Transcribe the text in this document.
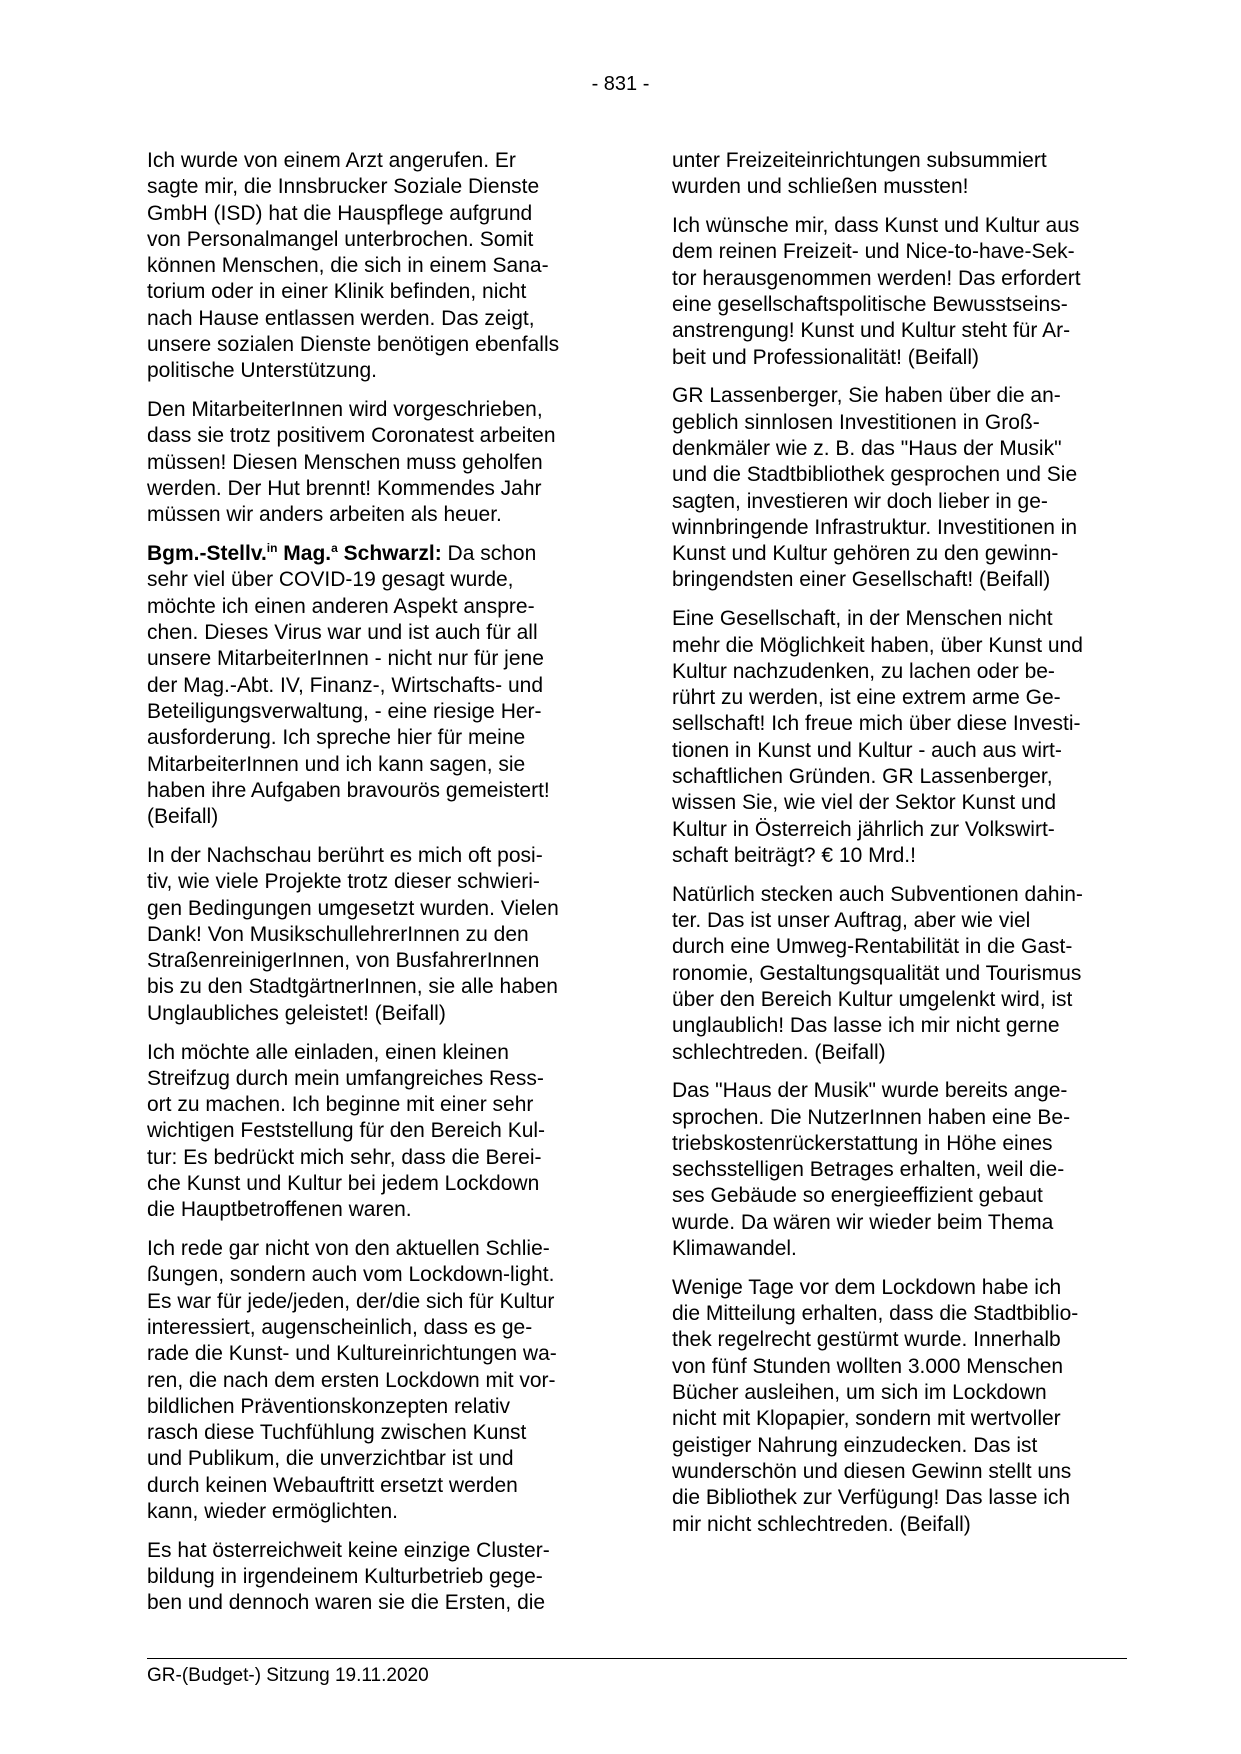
- 831 -

Ich wurde von einem Arzt angerufen. Er
sagte mir, die Innsbrucker Soziale Dienste
GmbH (ISD) hat die Hauspflege aufgrund
von Personalmangel unterbrochen. Somit
können Menschen, die sich in einem Sana-
torium oder in einer Klinik befinden, nicht
nach Hause entlassen werden. Das zeigt,
unsere sozialen Dienste benötigen ebenfalls
politische Unterstützung.

Den MitarbeiterInnen wird vorgeschrieben,
dass sie trotz positivem Coronatest arbeiten
müssen! Diesen Menschen muss geholfen
werden. Der Hut brennt! Kommendes Jahr
müssen wir anders arbeiten als heuer.

Bgm.-Stellv.$^{in}$ Mag.$^a$ Schwarzl: Da schon
sehr viel über COVID-19 gesagt wurde,
möchte ich einen anderen Aspekt anspre-
chen. Dieses Virus war und ist auch für all
unsere MitarbeiterInnen - nicht nur für jene
der Mag.-Abt. IV, Finanz-, Wirtschafts- und
Beteiligungsverwaltung, - eine riesige Her-
ausforderung. Ich spreche hier für meine
MitarbeiterInnen und ich kann sagen, sie
haben ihre Aufgaben bravourös gemeistert!
(Beifall)

In der Nachschau berührt es mich oft posi-
tiv, wie viele Projekte trotz dieser schwieri-
gen Bedingungen umgesetzt wurden. Vielen
Dank! Von MusikschullehrerInnen zu den
StraßenreinigerInnen, von BusfahrerInnen
bis zu den StadtgärtnerInnen, sie alle haben
Unglaubliches geleistet! (Beifall)

Ich möchte alle einladen, einen kleinen
Streifzug durch mein umfangreiches Ress-
ort zu machen. Ich beginne mit einer sehr
wichtigen Feststellung für den Bereich Kul-
tur: Es bedrückt mich sehr, dass die Berei-
che Kunst und Kultur bei jedem Lockdown
die Hauptbetroffenen waren.

Ich rede gar nicht von den aktuellen Schlie-
ßungen, sondern auch vom Lockdown-light.
Es war für jede/jeden, der/die sich für Kultur
interessiert, augenscheinlich, dass es ge-
rade die Kunst- und Kultureinrichtungen wa-
ren, die nach dem ersten Lockdown mit vor-
bildlichen Präventionskonzepten relativ
rasch diese Tuchfühlung zwischen Kunst
und Publikum, die unverzichtbar ist und
durch keinen Webauftritt ersetzt werden
kann, wieder ermöglichten.

Es hat österreichweit keine einzige Cluster-
bildung in irgendeinem Kulturbetrieb gege-
ben und dennoch waren sie die Ersten, die

unter Freizeiteinrichtungen subsummiert
wurden und schließen mussten!

Ich wünsche mir, dass Kunst und Kultur aus
dem reinen Freizeit- und Nice-to-have-Sek-
tor herausgenommen werden! Das erfordert
eine gesellschaftspolitische Bewusstseins-
anstrengung! Kunst und Kultur steht für Ar-
beit und Professionalität! (Beifall)

GR Lassenberger, Sie haben über die an-
geblich sinnlosen Investitionen in Groß-
denkmäler wie z. B. das "Haus der Musik"
und die Stadtbibliothek gesprochen und Sie
sagten, investieren wir doch lieber in ge-
winnbringende Infrastruktur. Investitionen in
Kunst und Kultur gehören zu den gewinn-
bringendsten einer Gesellschaft! (Beifall)

Eine Gesellschaft, in der Menschen nicht
mehr die Möglichkeit haben, über Kunst und
Kultur nachzudenken, zu lachen oder be-
rührt zu werden, ist eine extrem arme Ge-
sellschaft! Ich freue mich über diese Investi-
tionen in Kunst und Kultur - auch aus wirt-
schaftlichen Gründen. GR Lassenberger,
wissen Sie, wie viel der Sektor Kunst und
Kultur in Österreich jährlich zur Volkswirt-
schaft beiträgt? € 10 Mrd.!

Natürlich stecken auch Subventionen dahin-
ter. Das ist unser Auftrag, aber wie viel
durch eine Umweg-Rentabilität in die Gast-
ronomie, Gestaltungsqualität und Tourismus
über den Bereich Kultur umgelenkt wird, ist
unglaublich! Das lasse ich mir nicht gerne
schlechtreden. (Beifall)

Das "Haus der Musik" wurde bereits ange-
sprochen. Die NutzerInnen haben eine Be-
triebskostenrückerstattung in Höhe eines
sechsstelligen Betrages erhalten, weil die-
ses Gebäude so energieeffizient gebaut
wurde. Da wären wir wieder beim Thema
Klimawandel.

Wenige Tage vor dem Lockdown habe ich
die Mitteilung erhalten, dass die Stadtbiblio-
thek regelrecht gestürmt wurde. Innerhalb
von fünf Stunden wollten 3.000 Menschen
Bücher ausleihen, um sich im Lockdown
nicht mit Klopapier, sondern mit wertvoller
geistiger Nahrung einzudecken. Das ist
wunderschön und diesen Gewinn stellt uns
die Bibliothek zur Verfügung! Das lasse ich
mir nicht schlechtreden. (Beifall)

GR-(Budget-) Sitzung 19.11.2020
